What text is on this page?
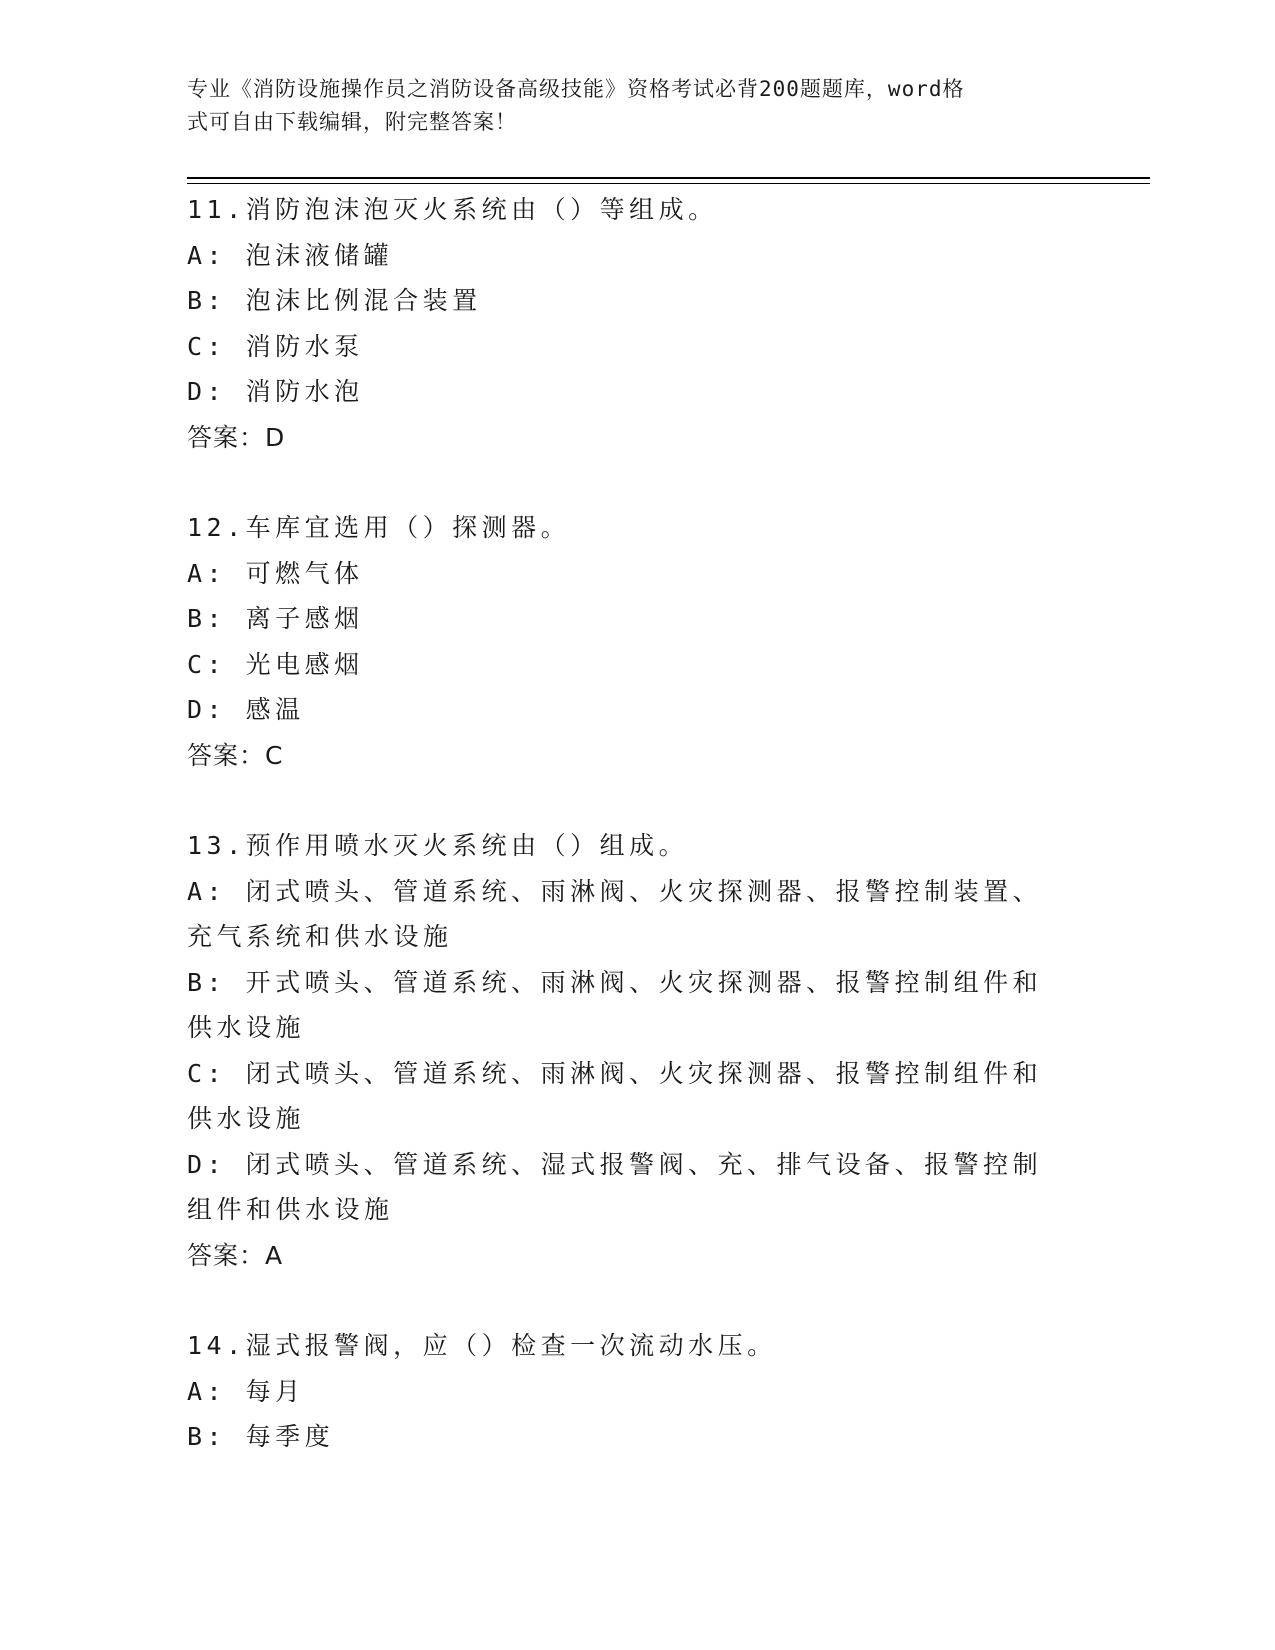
专业《消防设施操作员之消防设备高级技能》资格考试必背200题题库，word格
式可自由下载编辑，附完整答案！
11.消防泡沫泡灭火系统由（）等组成。
A: 泡沫液储罐
B: 泡沫比例混合装置
C: 消防水泵
D: 消防水泡
答案：D
12.车库宜选用（）探测器。
A: 可燃气体
B: 离子感烟
C: 光电感烟
D: 感温
答案：C
13.预作用喷水灭火系统由（）组成。
A: 闭式喷头、管道系统、雨淋阀、火灾探测器、报警控制装置、充气系统和供水设施
B: 开式喷头、管道系统、雨淋阀、火灾探测器、报警控制组件和供水设施
C: 闭式喷头、管道系统、雨淋阀、火灾探测器、报警控制组件和供水设施
D: 闭式喷头、管道系统、湿式报警阀、充、排气设备、报警控制组件和供水设施
答案：A
14.湿式报警阀，应（）检查一次流动水压。
A: 每月
B: 每季度
